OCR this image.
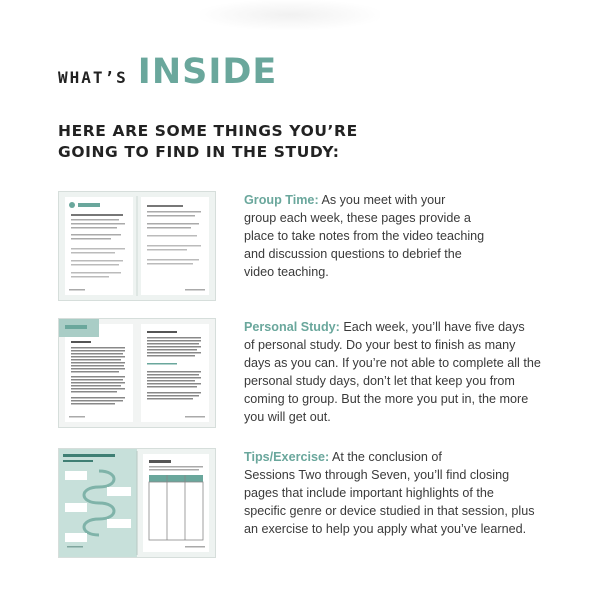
WHAT’S INSIDE
HERE ARE SOME THINGS YOU’RE
GOING TO FIND IN THE STUDY:
Group Time: As you meet with your
group each week, these pages provide a
place to take notes from the video teaching
and discussion questions to debrief the
video teaching.
Personal Study: Each week, you’ll have five days
of personal study. Do your best to finish as many
days as you can. If you’re not able to complete all the
personal study days, don’t let that keep you from
coming to group. But the more you put in, the more
you will get out.
Tips/Exercise: At the conclusion of
Sessions Two through Seven, you’ll find closing
pages that include important highlights of the
specific genre or device studied in that session, plus
an exercise to help you apply what you’ve learned.
